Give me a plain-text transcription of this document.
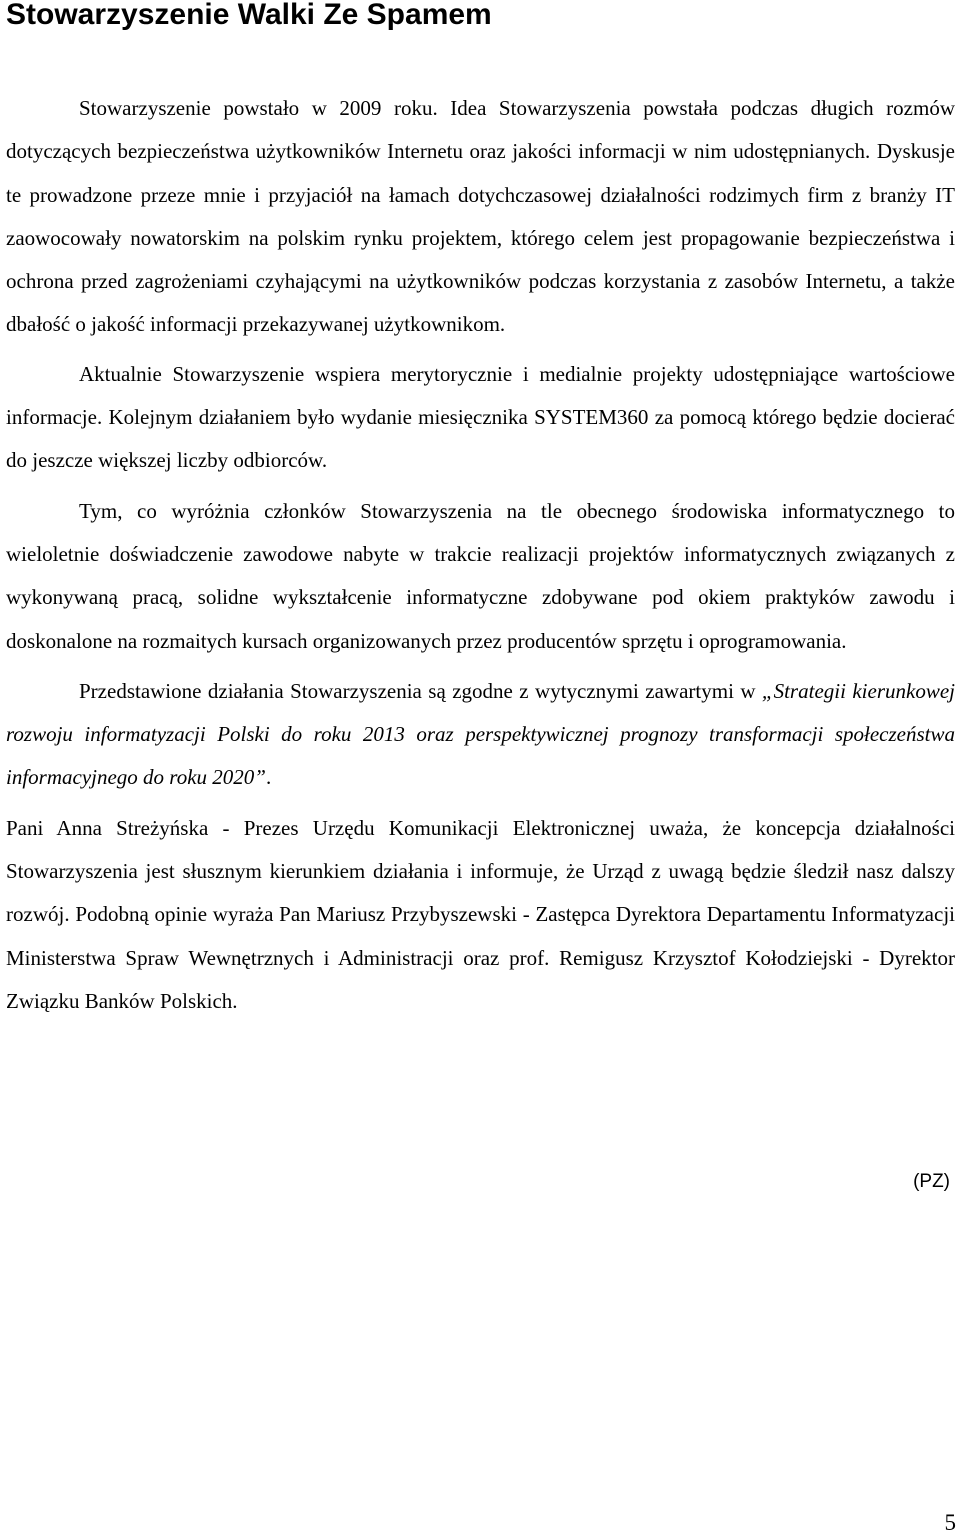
Stowarzyszenie Walki Ze Spamem

Stowarzyszenie powstało w 2009 roku. Idea Stowarzyszenia powstała podczas długich rozmów dotyczących bezpieczeństwa użytkowników Internetu oraz jakości informacji w nim udostępnianych. Dyskusje te prowadzone przeze mnie i przyjaciół na łamach dotychczasowej działalności rodzimych firm z branży IT zaowocowały nowatorskim na polskim rynku projektem, którego celem jest propagowanie bezpieczeństwa i ochrona przed zagrożeniami czyhającymi na użytkowników podczas korzystania z zasobów Internetu, a także dbałość o jakość informacji przekazywanej użytkownikom.

Aktualnie Stowarzyszenie wspiera merytorycznie i medialnie projekty udostępniające wartościowe informacje. Kolejnym działaniem było wydanie miesięcznika SYSTEM360 za pomocą którego będzie docierać do jeszcze większej liczby odbiorców.

Tym, co wyróżnia członków Stowarzyszenia na tle obecnego środowiska informatycznego to wieloletnie doświadczenie zawodowe nabyte w trakcie realizacji projektów informatycznych związanych z wykonywaną pracą, solidne wykształcenie informatyczne zdobywane pod okiem praktyków zawodu i doskonalone na rozmaitych kursach organizowanych przez producentów sprzętu i oprogramowania.

Przedstawione działania Stowarzyszenia są zgodne z wytycznymi zawartymi w „Strategii kierunkowej rozwoju informatyzacji Polski do roku 2013 oraz perspektywicznej prognozy transformacji społeczeństwa informacyjnego do roku 2020”.

Pani Anna Streżyńska - Prezes Urzędu Komunikacji Elektronicznej uważa, że koncepcja działalności Stowarzyszenia jest słusznym kierunkiem działania i informuje, że Urząd z uwagą będzie śledził nasz dalszy rozwój. Podobną opinie wyraża Pan Mariusz Przybyszewski - Zastępca Dyrektora Departamentu Informatyzacji Ministerstwa Spraw Wewnętrznych i Administracji oraz prof. Remigusz Krzysztof Kołodziejski - Dyrektor Związku Banków Polskich.

(PZ)
5
